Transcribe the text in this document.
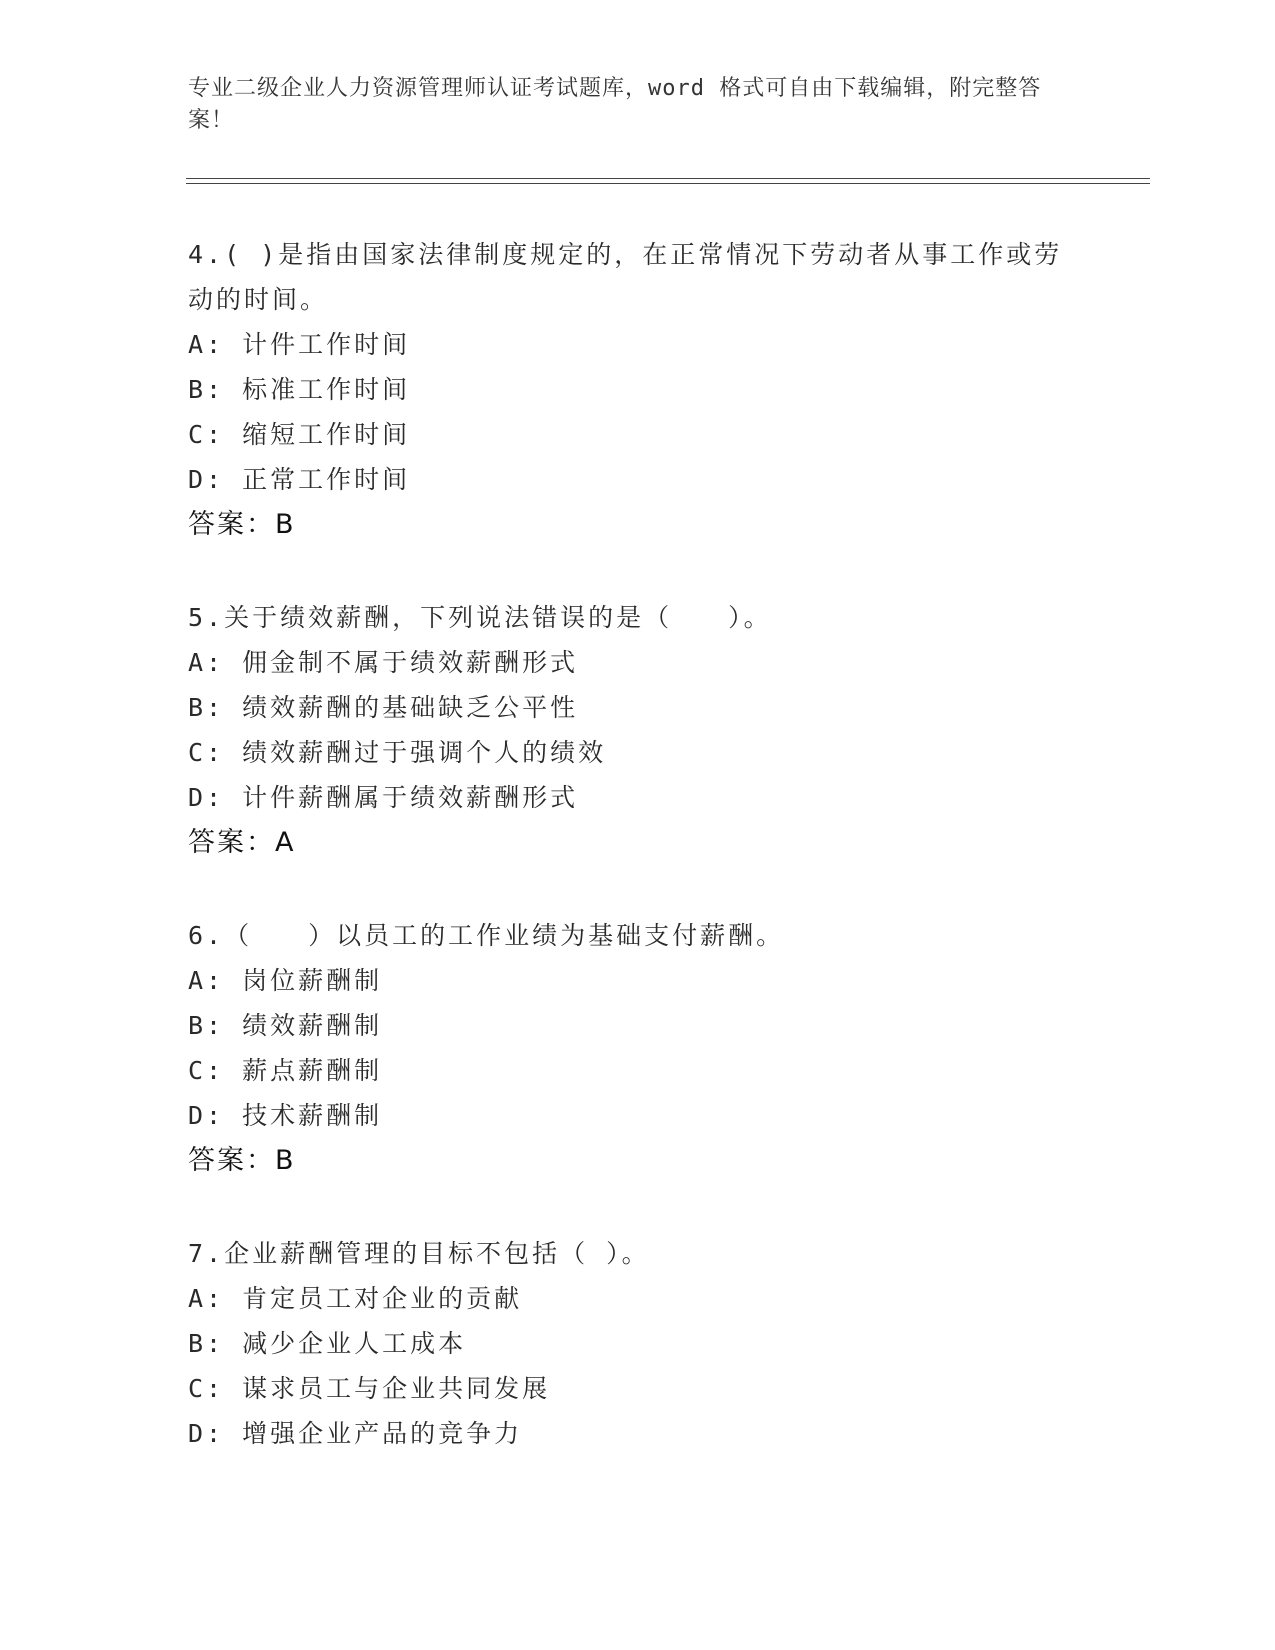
专业二级企业人力资源管理师认证考试题库，word 格式可自由下载编辑，附完整答案！
4.( )是指由国家法律制度规定的，在正常情况下劳动者从事工作或劳动的时间。
A: 计件工作时间
B: 标准工作时间
C: 缩短工作时间
D: 正常工作时间
答案：B
5.关于绩效薪酬，下列说法错误的是（　　）。
A: 佣金制不属于绩效薪酬形式
B: 绩效薪酬的基础缺乏公平性
C: 绩效薪酬过于强调个人的绩效
D: 计件薪酬属于绩效薪酬形式
答案：A
6.（　　）以员工的工作业绩为基础支付薪酬。
A: 岗位薪酬制
B: 绩效薪酬制
C: 薪点薪酬制
D: 技术薪酬制
答案：B
7.企业薪酬管理的目标不包括（ ）。
A: 肯定员工对企业的贡献
B: 减少企业人工成本
C: 谋求员工与企业共同发展
D: 增强企业产品的竞争力
